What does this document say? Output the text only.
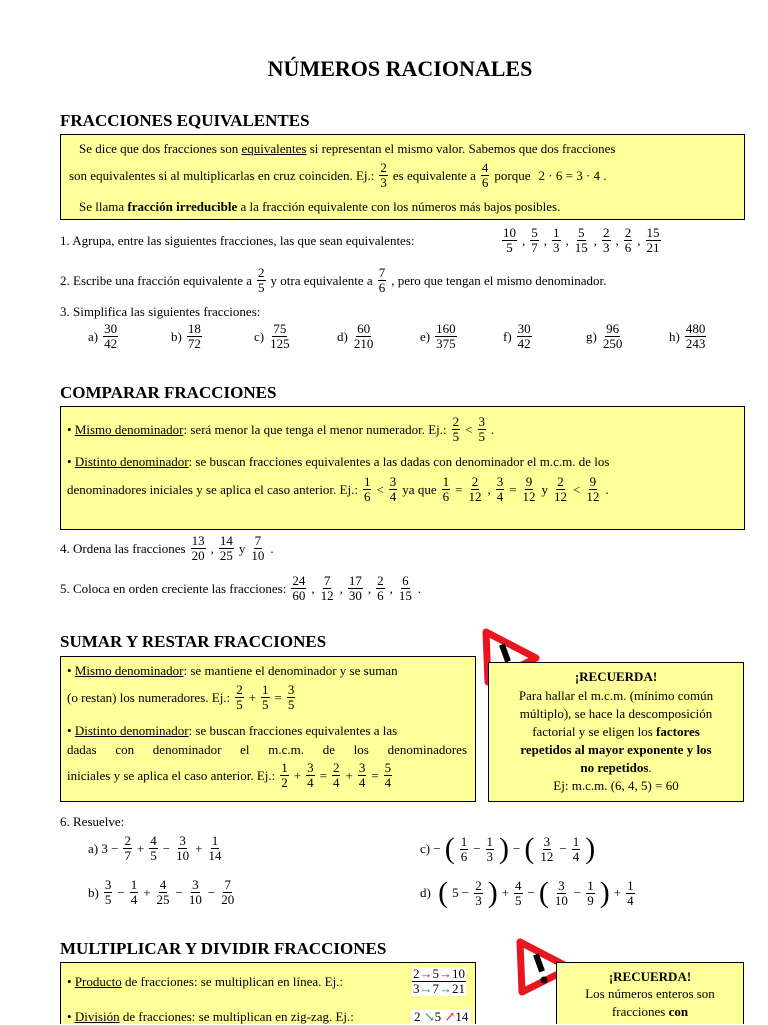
NÚMEROS RACIONALES
FRACCIONES EQUIVALENTES
Se dice que dos fracciones son equivalentes si representan el mismo valor. Sabemos que dos fracciones
son equivalentes si al multiplicarlas en cruz coinciden. Ej.: $\frac{2}{3}$ es equivalente a $\frac{4}{6}$ porque 2 · 6 = 3 · 4 .
Se llama fracción irreducible a la fracción equivalente con los números más bajos posibles.
1. Agrupa, entre las siguientes fracciones, las que sean equivalentes:	$\frac{10}{5}$ , $\frac{5}{7}$ , $\frac{1}{3}$ , $\frac{5}{15}$ , $\frac{2}{3}$ , $\frac{2}{6}$ , $\frac{15}{21}$
2. Escribe una fracción equivalente a $\frac{2}{5}$ y otra equivalente a $\frac{7}{6}$ , pero que tengan el mismo denominador.
3. Simplifica las siguientes fracciones:
$a) \frac{30}{42}$	$b) \frac{18}{72}$	$c) \frac{75}{125}$	$d) \frac{60}{210}$	$e) \frac{160}{375}$	$f) \frac{30}{42}$	$g) \frac{96}{250}$	$h) \frac{480}{243}$
COMPARAR FRACCIONES
• Mismo denominador: será menor la que tenga el menor numerador. Ej.: $\frac{2}{5} < \frac{3}{5}$ .
• Distinto denominador: se buscan fracciones equivalentes a las dadas con denominador el m.c.m. de los
denominadores iniciales y se aplica el caso anterior. Ej.: $\frac{1}{6} < \frac{3}{4}$ ya que $\frac{1}{6} = \frac{2}{12}$ , $\frac{3}{4} = \frac{9}{12}$ y $\frac{2}{12} < \frac{9}{12}$ .
4. Ordena las fracciones $\frac{13}{20}$ , $\frac{14}{25}$ y $\frac{7}{10}$ .
5. Coloca en orden creciente las fracciones: $\frac{24}{60}$ , $\frac{7}{12}$ , $\frac{17}{30}$ , $\frac{2}{6}$ , $\frac{6}{15}$ .
SUMAR Y RESTAR FRACCIONES
• Mismo denominador: se mantiene el denominador y se suman
(o restan) los numeradores. Ej.: $\frac{2}{5} + \frac{1}{5} = \frac{3}{5}$
• Distinto denominador: se buscan fracciones equivalentes a las
dadas con denominador el m.c.m. de los denominadores
iniciales y se aplica el caso anterior. Ej.: $\frac{1}{2} + \frac{3}{4} = \frac{2}{4} + \frac{3}{4} = \frac{5}{4}$
¡RECUERDA!
Para hallar el m.c.m. (mínimo común
múltiplo), se hace la descomposición
factorial y se eligen los factores
repetidos al mayor exponente y los
no repetidos.
Ej: m.c.m. (6, 4, 5) = 60
6. Resuelve:
a) $3 - \frac{2}{7} + \frac{4}{5} - \frac{3}{10} + \frac{1}{14}$
$b) \frac{3}{5} - \frac{1}{4} + \frac{4}{25} - \frac{3}{10} - \frac{7}{20}$
c) − ( $\frac{1}{6} - \frac{1}{3}$ ) − ( $\frac{3}{12} - \frac{1}{4}$ )
d) ( $5 - \frac{2}{3}$ ) + $\frac{4}{5}$ − ( $\frac{3}{10} - \frac{1}{9}$ ) + $\frac{1}{4}$
MULTIPLICAR Y DIVIDIR FRACCIONES
• Producto de fracciones: se multiplican en línea. Ej.:	$\frac{2\to 5\to 10}{3\to 7\to 21}$
• División de fracciones: se multiplican en zig-zag. Ej.:	2 ↘5 ↗14
¡RECUERDA!
Los números enteros son
fracciones con
